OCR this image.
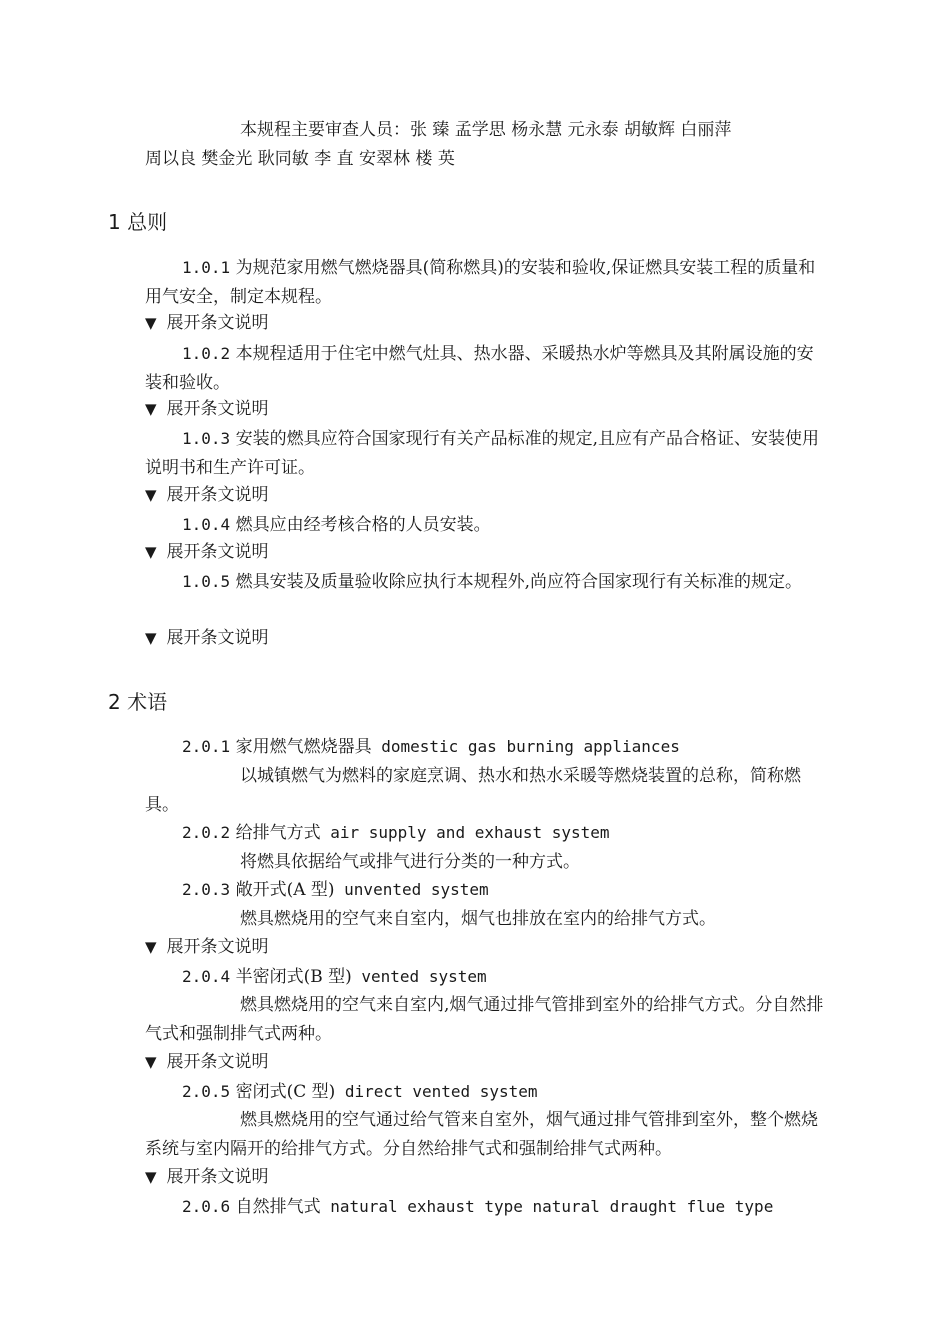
本规程主要审查人员：张 臻 孟学思 杨永慧 元永泰 胡敏辉 白丽萍

周以良 樊金光 耿同敏 李 直 安翠林 楼 英

1 总则

1.0.1 为规范家用燃气燃烧器具(简称燃具)的安装和验收,保证燃具安装工程的质量和用气安全，制定本规程。

▼ 展开条文说明

1.0.2 本规程适用于住宅中燃气灶具、热水器、采暖热水炉等燃具及其附属设施的安装和验收。

▼ 展开条文说明

1.0.3 安装的燃具应符合国家现行有关产品标准的规定,且应有产品合格证、安装使用说明书和生产许可证。

▼ 展开条文说明

1.0.4 燃具应由经考核合格的人员安装。

▼ 展开条文说明

1.0.5 燃具安装及质量验收除应执行本规程外,尚应符合国家现行有关标准的规定。

▼ 展开条文说明
2 术语

2.0.1 家用燃气燃烧器具 domestic gas burning appliances

以城镇燃气为燃料的家庭烹调、热水和热水采暖等燃烧装置的总称，简称燃具。

2.0.2 给排气方式 air supply and exhaust system

将燃具依据给气或排气进行分类的一种方式。

2.0.3 敞开式(A 型) unvented system

燃具燃烧用的空气来自室内，烟气也排放在室内的给排气方式。

▼ 展开条文说明

2.0.4 半密闭式(B 型) vented system

燃具燃烧用的空气来自室内,烟气通过排气管排到室外的给排气方式。分自然排气式和强制排气式两种。

▼ 展开条文说明

2.0.5 密闭式(C 型) direct vented system

燃具燃烧用的空气通过给气管来自室外，烟气通过排气管排到室外，整个燃烧系统与室内隔开的给排气方式。分自然给排气式和强制给排气式两种。

▼ 展开条文说明

2.0.6 自然排气式 natural exhaust type natural draught flue type
